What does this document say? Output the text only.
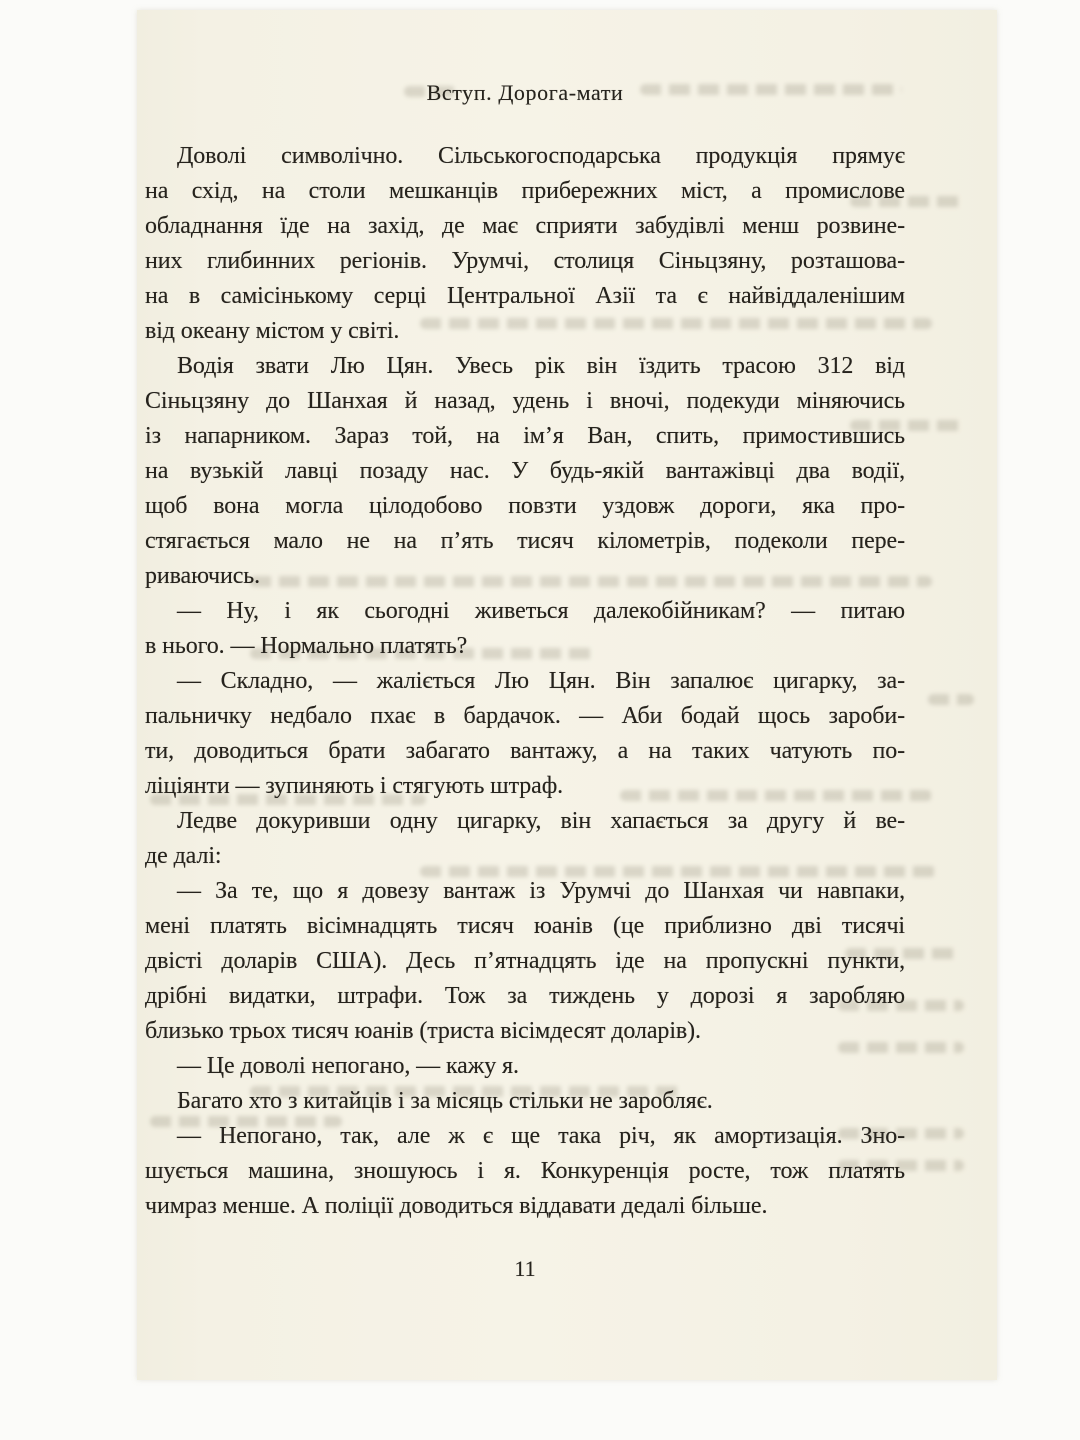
Вступ. Дорога-мати
Доволі символічно. Сільськогосподарська продукція прямує
на схід, на столи мешканців прибережних міст, а промислове
обладнання їде на захід, де має сприяти забудівлі менш розвине-
них глибинних регіонів. Урумчі, столиця Сіньцзяну, розташова-
на в самісінькому серці Центральної Азії та є найвіддаленішим
від океану містом у світі.
Водія звати Лю Цян. Увесь рік він їздить трасою 312 від
Сіньцзяну до Шанхая й назад, удень і вночі, подекуди міняючись
із напарником. Зараз той, на ім’я Ван, спить, примостившись
на вузькій лавці позаду нас. У будь-якій вантажівці два водії,
щоб вона могла цілодобово повзти уздовж дороги, яка про-
стягається мало не на п’ять тисяч кілометрів, подеколи пере-
риваючись.
— Ну, і як сьогодні живеться далекобійникам? — питаю
в нього. — Нормально платять?
— Складно, — жаліється Лю Цян. Він запалює цигарку, за-
пальничку недбало пхає в бардачок. — Аби бодай щось зароби-
ти, доводиться брати забагато вантажу, а на таких чатують по-
ліціянти — зупиняють і стягують штраф.
Ледве докуривши одну цигарку, він хапається за другу й ве-
де далі:
— За те, що я довезу вантаж із Урумчі до Шанхая чи навпаки,
мені платять вісімнадцять тисяч юанів (це приблизно дві тисячі
двісті доларів США). Десь п’ятнадцять іде на пропускні пункти,
дрібні видатки, штрафи. Тож за тиждень у дорозі я заробляю
близько трьох тисяч юанів (триста вісімдесят доларів).
— Це доволі непогано, — кажу я.
Багато хто з китайців і за місяць стільки не заробляє.
— Непогано, так, але ж є ще така річ, як амортизація. Зно-
шується машина, зношуюсь і я. Конкуренція росте, тож платять
чимраз менше. А поліції доводиться віддавати дедалі більше.
11
